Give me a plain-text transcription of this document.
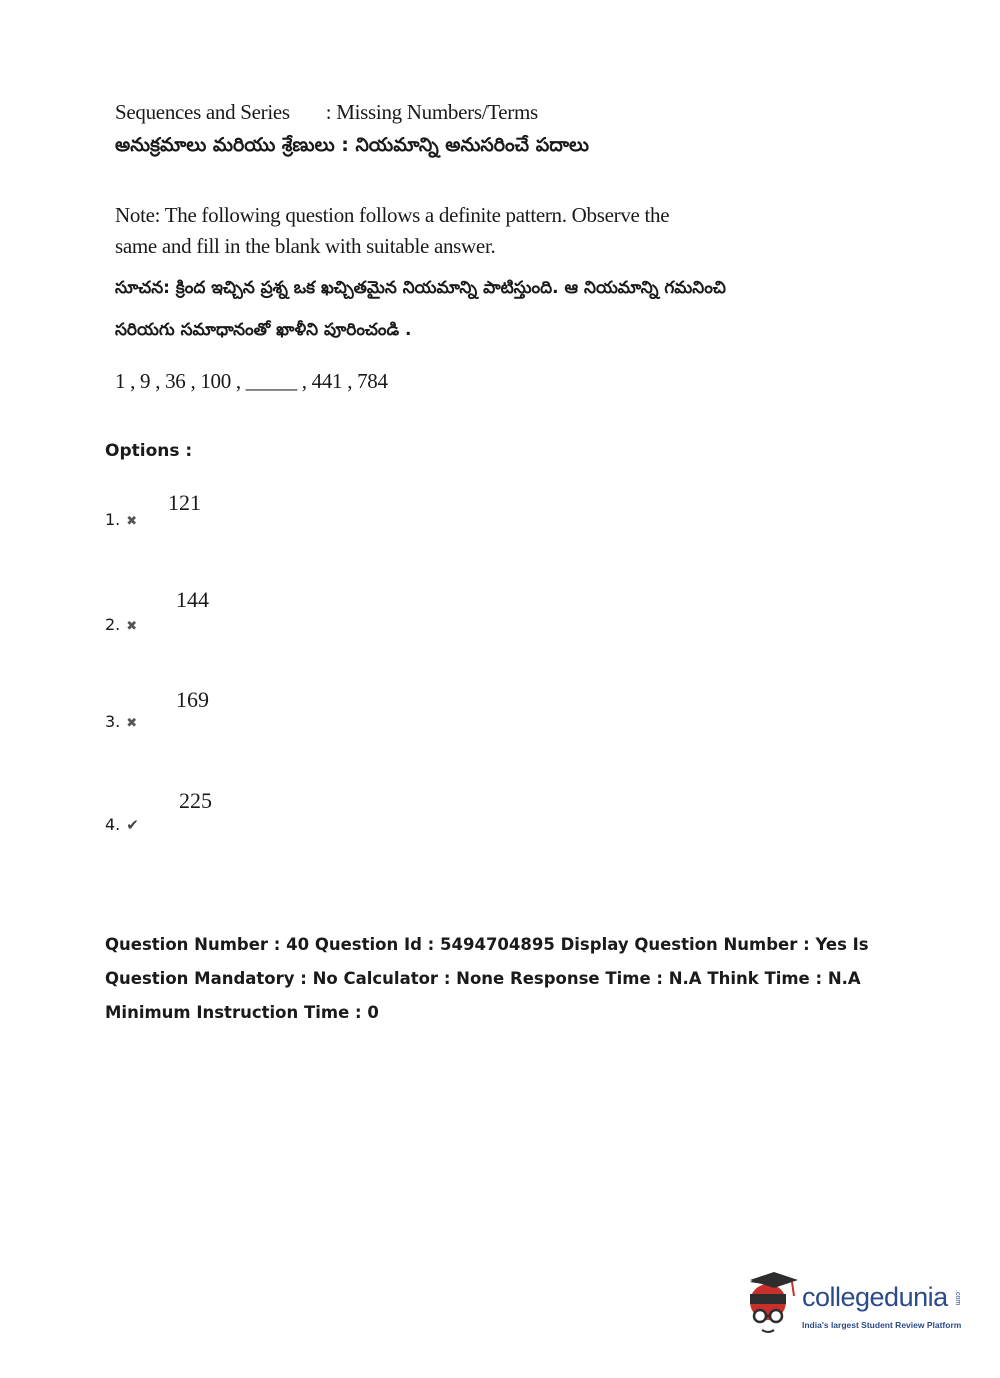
Sequences and Series : Missing Numbers/Terms
అనుక్రమాలు మరియు శ్రేణులు : నియమాన్ని అనుసరించే పదాలు
Note: The following question follows a definite pattern. Observe the same and fill in the blank with suitable answer.
సూచన: క్రింద ఇచ్చిన ప్రశ్న ఒక ఖచ్చితమైన నియమాన్ని పాటిస్తుంది. ఆ నియమాన్ని గమనించి
సరియగు సమాధానంతో ఖాళీని పూరించండి .
1 , 9 , 36 , 100 , _____ , 441 , 784
Options :
1. ✖
121
2. ✖
144
3. ✖
169
4. ✔
225
Question Number : 40 Question Id : 5494704895 Display Question Number : Yes Is Question Mandatory : No Calculator : None Response Time : N.A Think Time : N.A Minimum Instruction Time : 0
collegedunia .com
India's largest Student Review Platform
